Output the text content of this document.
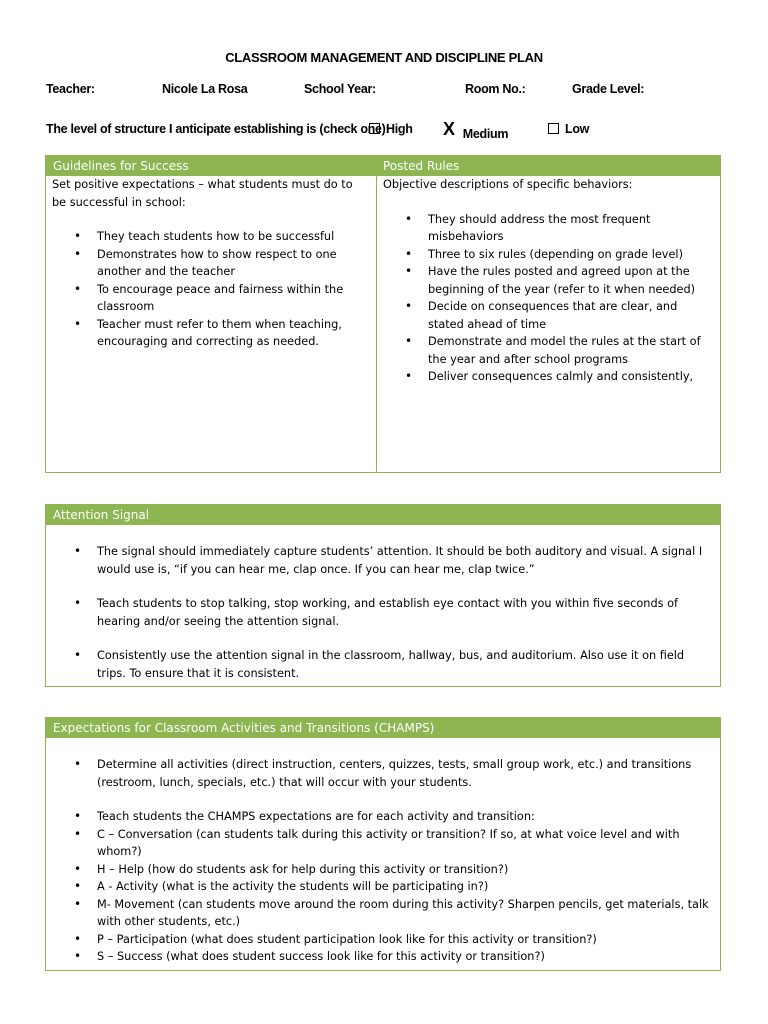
CLASSROOM MANAGEMENT AND DISCIPLINE PLAN
Teacher:	Nicole La Rosa	School Year:	Room No.:	Grade Level:
The level of structure I anticipate establishing is (check one):
High X Medium	Low
Guidelines for Success	Posted Rules
Set positive expectations – what students must do to be successful in school:
• They teach students how to be successful
• Demonstrates how to show respect to one another and the teacher
• To encourage peace and fairness within the classroom
• Teacher must refer to them when teaching, encouraging and correcting as needed.
Objective descriptions of specific behaviors:
• They should address the most frequent misbehaviors
• Three to six rules (depending on grade level)
• Have the rules posted and agreed upon at the beginning of the year (refer to it when needed)
• Decide on consequences that are clear, and stated ahead of time
• Demonstrate and model the rules at the start of the year and after school programs
• Deliver consequences calmly and consistently,
Attention Signal
• The signal should immediately capture students’ attention. It should be both auditory and visual. A signal I would use is, “if you can hear me, clap once. If you can hear me, clap twice.”
• Teach students to stop talking, stop working, and establish eye contact with you within five seconds of hearing and/or seeing the attention signal.
• Consistently use the attention signal in the classroom, hallway, bus, and auditorium. Also use it on field trips. To ensure that it is consistent.
Expectations for Classroom Activities and Transitions (CHAMPS)
• Determine all activities (direct instruction, centers, quizzes, tests, small group work, etc.) and transitions (restroom, lunch, specials, etc.) that will occur with your students.
• Teach students the CHAMPS expectations are for each activity and transition:
• C – Conversation (can students talk during this activity or transition? If so, at what voice level and with whom?)
• H – Help (how do students ask for help during this activity or transition?)
• A - Activity (what is the activity the students will be participating in?)
• M- Movement (can students move around the room during this activity? Sharpen pencils, get materials, talk with other students, etc.)
• P – Participation (what does student participation look like for this activity or transition?)
• S – Success (what does student success look like for this activity or transition?)
